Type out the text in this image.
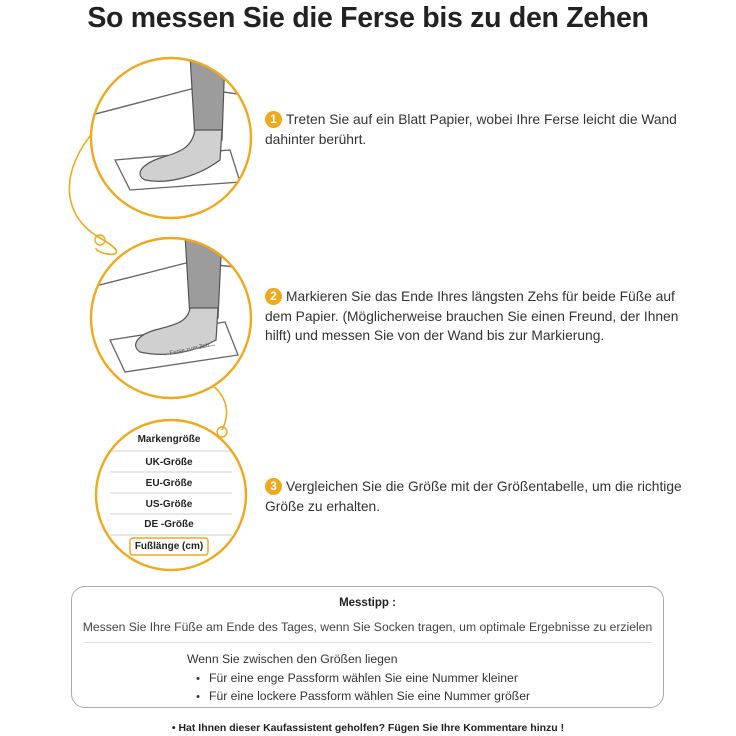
So messen Sie die Ferse bis zu den Zehen
Ferse zum Zeh
Markengröße
UK-Größe
EU-Größe
US-Größe
DE -Größe
Fußlänge (cm)
1 Treten Sie auf ein Blatt Papier, wobei Ihre Ferse leicht die Wand dahinter berührt.
2 Markieren Sie das Ende Ihres längsten Zehs für beide Füße auf dem Papier. (Möglicherweise brauchen Sie einen Freund, der Ihnen hilft) und messen Sie von der Wand bis zur Markierung.
3 Vergleichen Sie die Größe mit der Größentabelle, um die richtige Größe zu erhalten.
Messtipp :
Messen Sie Ihre Füße am Ende des Tages, wenn Sie Socken tragen, um optimale Ergebnisse zu erzielen
Wenn Sie zwischen den Größen liegen
• Für eine enge Passform wählen Sie eine Nummer kleiner
• Für eine lockere Passform wählen Sie eine Nummer größer
• Hat Ihnen dieser Kaufassistent geholfen? Fügen Sie Ihre Kommentare hinzu !
